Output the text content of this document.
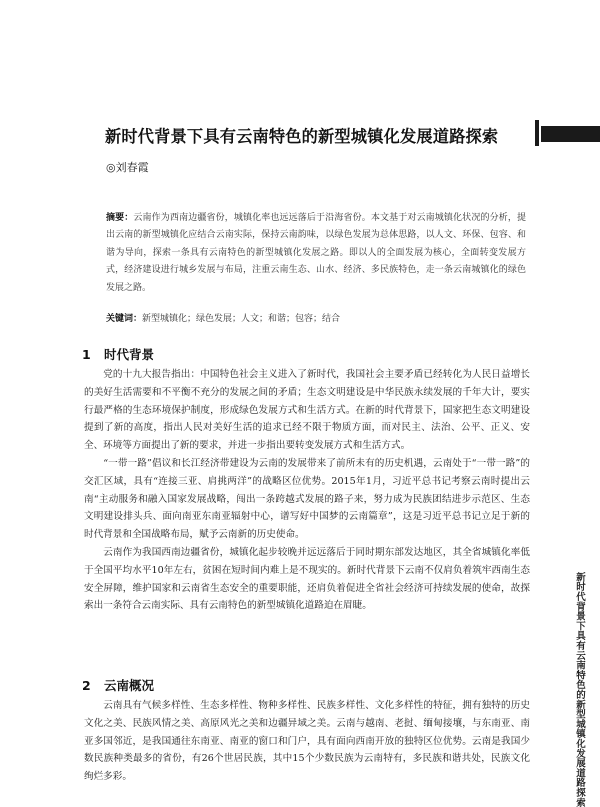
新时代背景下具有云南特色的新型城镇化发展道路探索
◎刘春霞
摘要：云南作为西南边疆省份，城镇化率也远远落后于沿海省份。本文基于对云南城镇化状况的分析，提出云南的新型城镇化应结合云南实际，保持云南韵味，以绿色发展为总体思路，以人文、环保、包容、和谐为导向，探索一条具有云南特色的新型城镇化发展之路。即以人的全面发展为核心，全面转变发展方式，经济建设进行城乡发展与布局，注重云南生态、山水、经济、多民族特色，走一条云南城镇化的绿色发展之路。
关键词：新型城镇化；绿色发展；人文；和谐；包容；结合
1 时代背景

党的十九大报告指出：中国特色社会主义进入了新时代，我国社会主要矛盾已经转化为人民日益增长的美好生活需要和不平衡不充分的发展之间的矛盾；生态文明建设是中华民族永续发展的千年大计，要实行最严格的生态环境保护制度，形成绿色发展方式和生活方式。在新的时代背景下，国家把生态文明建设提到了新的高度，指出人民对美好生活的追求已经不限于物质方面，而对民主、法治、公平、正义、安全、环境等方面提出了新的要求，并进一步指出要转变发展方式和生活方式。

“一带一路”倡议和长江经济带建设为云南的发展带来了前所未有的历史机遇，云南处于“一带一路”的交汇区域，具有“连接三亚、肩挑两洋”的战略区位优势。2015年1月，习近平总书记考察云南时提出云南“主动服务和融入国家发展战略，闯出一条跨越式发展的路子来，努力成为民族团结进步示范区、生态文明建设排头兵、面向南亚东南亚辐射中心，谱写好中国梦的云南篇章”，这是习近平总书记立足于新的时代背景和全国战略布局，赋予云南新的历史使命。

云南作为我国西南边疆省份，城镇化起步较晚并远远落后于同时期东部发达地区，其全省城镇化率低于全国平均水平10年左右，贫困在短时间内难上是不现实的。新时代背景下云南不仅肩负着筑牢西南生态安全屏障，维护国家和云南省生态安全的重要职能，还肩负着促进全省社会经济可持续发展的使命，故探索出一条符合云南实际、具有云南特色的新型城镇化道路迫在眉睫。

2 云南概况

云南具有气候多样性、生态多样性、物种多样性、民族多样性、文化多样性的特征，拥有独特的历史文化之美、民族风情之美、高原风光之美和边疆异域之美。云南与越南、老挝、缅甸接壤，与东南亚、南亚多国邻近，是我国通往东南亚、南亚的窗口和门户，具有面向西南开放的独特区位优势。云南是我国少数民族种类最多的省份，有26个世居民族，其中15个少数民族为云南特有，多民族和谐共处，民族文化绚烂多彩。	新时代背景下具有云南特色的新型城镇化发展道路探索
